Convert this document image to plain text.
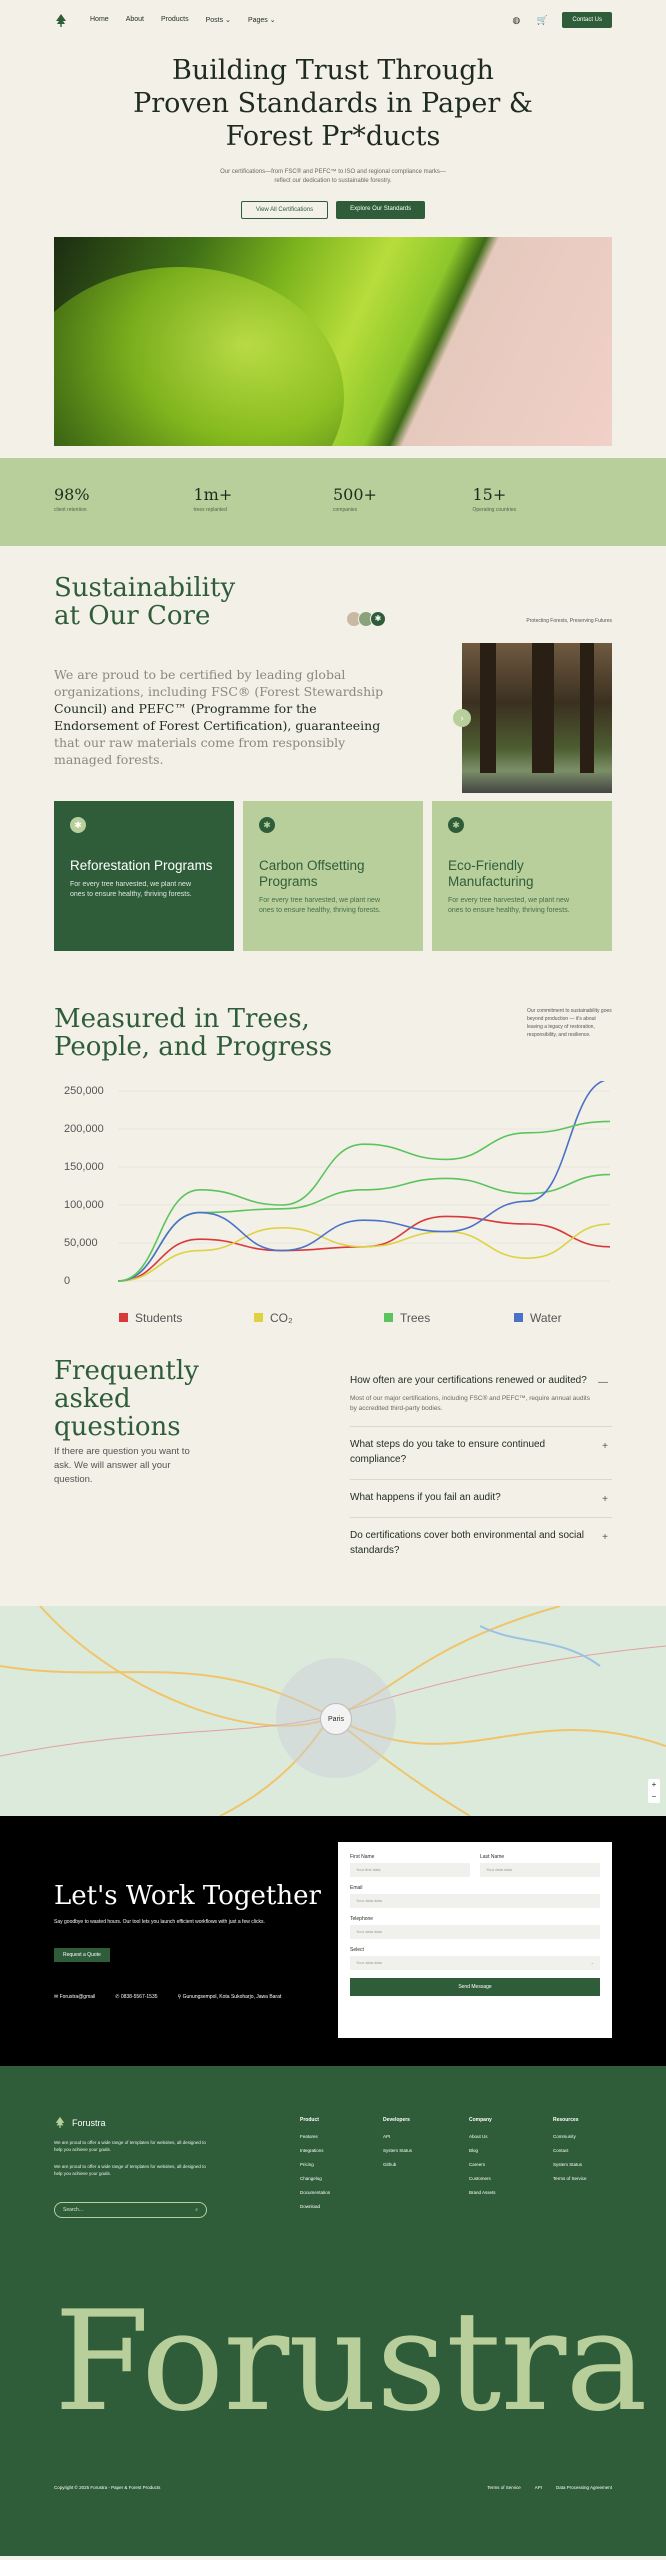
Home About Products Posts ⌄ Pages ⌄	◍ 🛒	Contact Us
Building Trust Through Proven Standards in Paper & Forest Pr*ducts

Our certifications—from FSC® and PEFC™ to ISO and regional compliance marks—reflect our dedication to sustainable forestry.

View All Certifications	Explore Our Standards
98%
client retention
1m+
trees replanted
500+
companies
15+
Operating countries
Sustainability
at Our Core	✱	Protecting Forests, Preserving Futures
We are proud to be certified by leading global organizations, including FSC® (Forest Stewardship Council) and PEFC™ (Programme for the Endorsement of Forest Certification), guaranteeing that our raw materials come from responsibly managed forests.
›
✱
Reforestation Programs

For every tree harvested, we plant new ones to ensure healthy, thriving forests.

✱
Carbon Offsetting Programs

For every tree harvested, we plant new ones to ensure healthy, thriving forests.

✱
Eco-Friendly Manufacturing

For every tree harvested, we plant new ones to ensure healthy, thriving forests.

Measured in Trees,
People, and Progress
Our commitment to sustainability goes beyond production — it's about leaving a legacy of restoration, responsibility, and resilience.
0
50,000
100,000
150,000
200,000
250,000
Students	CO₂	Trees	Water
Frequently asked questions
If there are question you want to ask. We will answer all your question.
How often are your certifications renewed or audited?
Most of our major certifications, including FSC® and PEFC™, require annual audits by accredited third-party bodies.
—
What steps do you take to ensure continued compliance?
+
What happens if you fail an audit?	+
Do certifications cover both environmental and social standards?
+
Paris
+
−
Let's Work Together
Say goodbye to wasted hours. Our tool lets you launch efficient workflows with just a few clicks.
Request a Quote
✉ Forustra@gmail	✆ 0838-5567-1535	⚲ Gunungsempol, Kota Sukoharjo, Jawa Barat
First Name
Your first data
Last Name
Your data data
Email
Your data data
Telephone
Your data data
Select
Your data data	⌄
Send Message
Forustra
We are proud to offer a wide range of templates for websites, all designed to help you achieve your goals.
We are proud to offer a wide range of templates for websites, all designed to help you achieve your goals.
Search...	⌕
Product
Features
Integrations
Pricing
Changelog
Documentation
Download
Developers
API
System Status
Github
Company
About Us
Blog
Careers
Customers
Brand Assets
Resources
Community
Contact
System Status
Terms of Service
Forustra
Copyright © 2025 Forustra - Paper & Forest Products	Terms of Service	API	Data Processing Agreement
